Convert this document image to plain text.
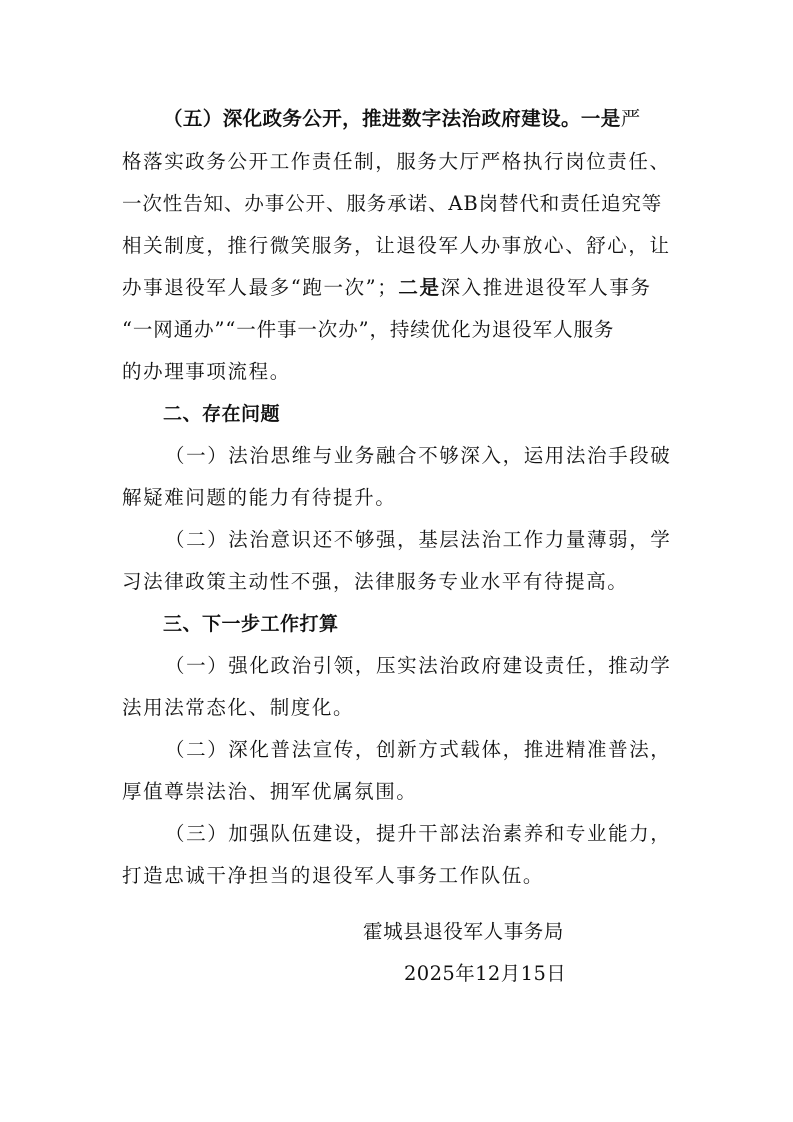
（五）深化政务公开，推进数字法治政府建设。一是严
格落实政务公开工作责任制，服务大厅严格执行岗位责任、
一次性告知、办事公开、服务承诺、AB岗替代和责任追究等
相关制度，推行微笑服务，让退役军人办事放心、舒心，让
办事退役军人最多“跑一次”；二是深入推进退役军人事务
“一网通办”“一件事一次办”，持续优化为退役军人服务
的办理事项流程。
二、存在问题
（一）法治思维与业务融合不够深入，运用法治手段破
解疑难问题的能力有待提升。
（二）法治意识还不够强，基层法治工作力量薄弱，学
习法律政策主动性不强，法律服务专业水平有待提高。
三、下一步工作打算
（一）强化政治引领，压实法治政府建设责任，推动学
法用法常态化、制度化。
（二）深化普法宣传，创新方式载体，推进精准普法，
厚值尊崇法治、拥军优属氛围。
（三）加强队伍建设，提升干部法治素养和专业能力，
打造忠诚干净担当的退役军人事务工作队伍。
霍城县退役军人事务局
2025年12月15日
